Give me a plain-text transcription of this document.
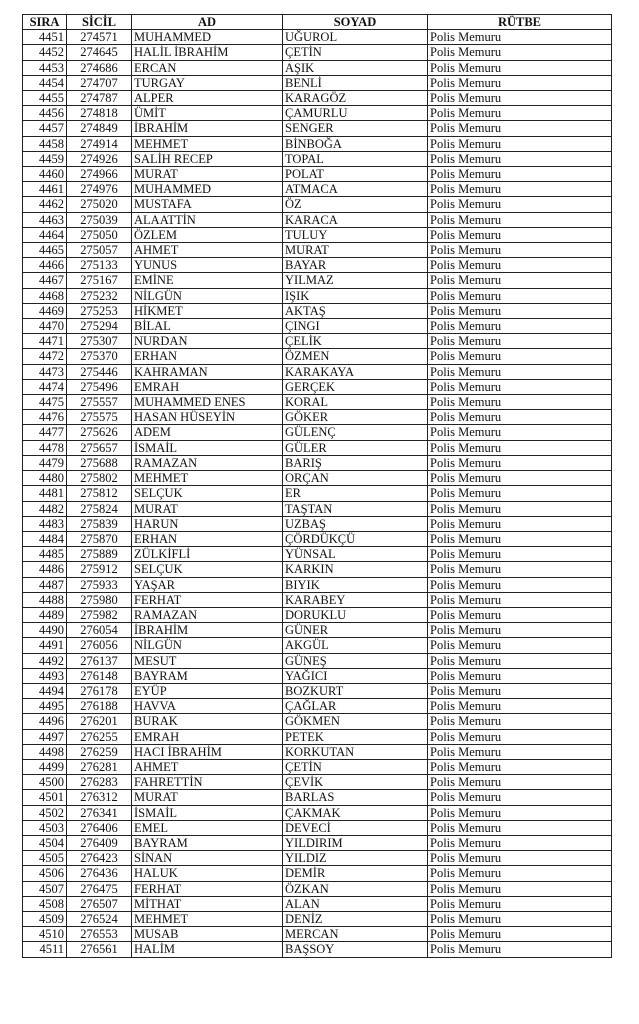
SIRA	SİCİL	AD	SOYAD	RÜTBE
4451	274571	MUHAMMED	UĞUROL	Polis Memuru
4452	274645	HALİL İBRAHİM	ÇETİN	Polis Memuru
4453	274686	ERCAN	AŞIK	Polis Memuru
4454	274707	TURGAY	BENLİ	Polis Memuru
4455	274787	ALPER	KARAGÖZ	Polis Memuru
4456	274818	ÜMİT	ÇAMURLU	Polis Memuru
4457	274849	İBRAHİM	SENGER	Polis Memuru
4458	274914	MEHMET	BİNBOĞA	Polis Memuru
4459	274926	SALİH RECEP	TOPAL	Polis Memuru
4460	274966	MURAT	POLAT	Polis Memuru
4461	274976	MUHAMMED	ATMACA	Polis Memuru
4462	275020	MUSTAFA	ÖZ	Polis Memuru
4463	275039	ALAATTİN	KARACA	Polis Memuru
4464	275050	ÖZLEM	TULUY	Polis Memuru
4465	275057	AHMET	MURAT	Polis Memuru
4466	275133	YUNUS	BAYAR	Polis Memuru
4467	275167	EMİNE	YILMAZ	Polis Memuru
4468	275232	NİLGÜN	IŞIK	Polis Memuru
4469	275253	HİKMET	AKTAŞ	Polis Memuru
4470	275294	BİLAL	ÇINGI	Polis Memuru
4471	275307	NURDAN	ÇELİK	Polis Memuru
4472	275370	ERHAN	ÖZMEN	Polis Memuru
4473	275446	KAHRAMAN	KARAKAYA	Polis Memuru
4474	275496	EMRAH	GERÇEK	Polis Memuru
4475	275557	MUHAMMED ENES	KORAL	Polis Memuru
4476	275575	HASAN HÜSEYİN	GÖKER	Polis Memuru
4477	275626	ADEM	GÜLENÇ	Polis Memuru
4478	275657	İSMAİL	GÜLER	Polis Memuru
4479	275688	RAMAZAN	BARIŞ	Polis Memuru
4480	275802	MEHMET	ORÇAN	Polis Memuru
4481	275812	SELÇUK	ER	Polis Memuru
4482	275824	MURAT	TAŞTAN	Polis Memuru
4483	275839	HARUN	UZBAŞ	Polis Memuru
4484	275870	ERHAN	ÇÖRDÜKÇÜ	Polis Memuru
4485	275889	ZÜLKİFLİ	YÜNSAL	Polis Memuru
4486	275912	SELÇUK	KARKIN	Polis Memuru
4487	275933	YAŞAR	BIYIK	Polis Memuru
4488	275980	FERHAT	KARABEY	Polis Memuru
4489	275982	RAMAZAN	DORUKLU	Polis Memuru
4490	276054	İBRAHİM	GÜNER	Polis Memuru
4491	276056	NİLGÜN	AKGÜL	Polis Memuru
4492	276137	MESUT	GÜNEŞ	Polis Memuru
4493	276148	BAYRAM	YAĞICI	Polis Memuru
4494	276178	EYÜP	BOZKURT	Polis Memuru
4495	276188	HAVVA	ÇAĞLAR	Polis Memuru
4496	276201	BURAK	GÖKMEN	Polis Memuru
4497	276255	EMRAH	PETEK	Polis Memuru
4498	276259	HACI İBRAHİM	KORKUTAN	Polis Memuru
4499	276281	AHMET	ÇETİN	Polis Memuru
4500	276283	FAHRETTİN	ÇEVİK	Polis Memuru
4501	276312	MURAT	BARLAS	Polis Memuru
4502	276341	İSMAİL	ÇAKMAK	Polis Memuru
4503	276406	EMEL	DEVECİ	Polis Memuru
4504	276409	BAYRAM	YILDIRIM	Polis Memuru
4505	276423	SİNAN	YILDIZ	Polis Memuru
4506	276436	HALUK	DEMİR	Polis Memuru
4507	276475	FERHAT	ÖZKAN	Polis Memuru
4508	276507	MİTHAT	ALAN	Polis Memuru
4509	276524	MEHMET	DENİZ	Polis Memuru
4510	276553	MUSAB	MERCAN	Polis Memuru
4511	276561	HALİM	BAŞSOY	Polis Memuru
